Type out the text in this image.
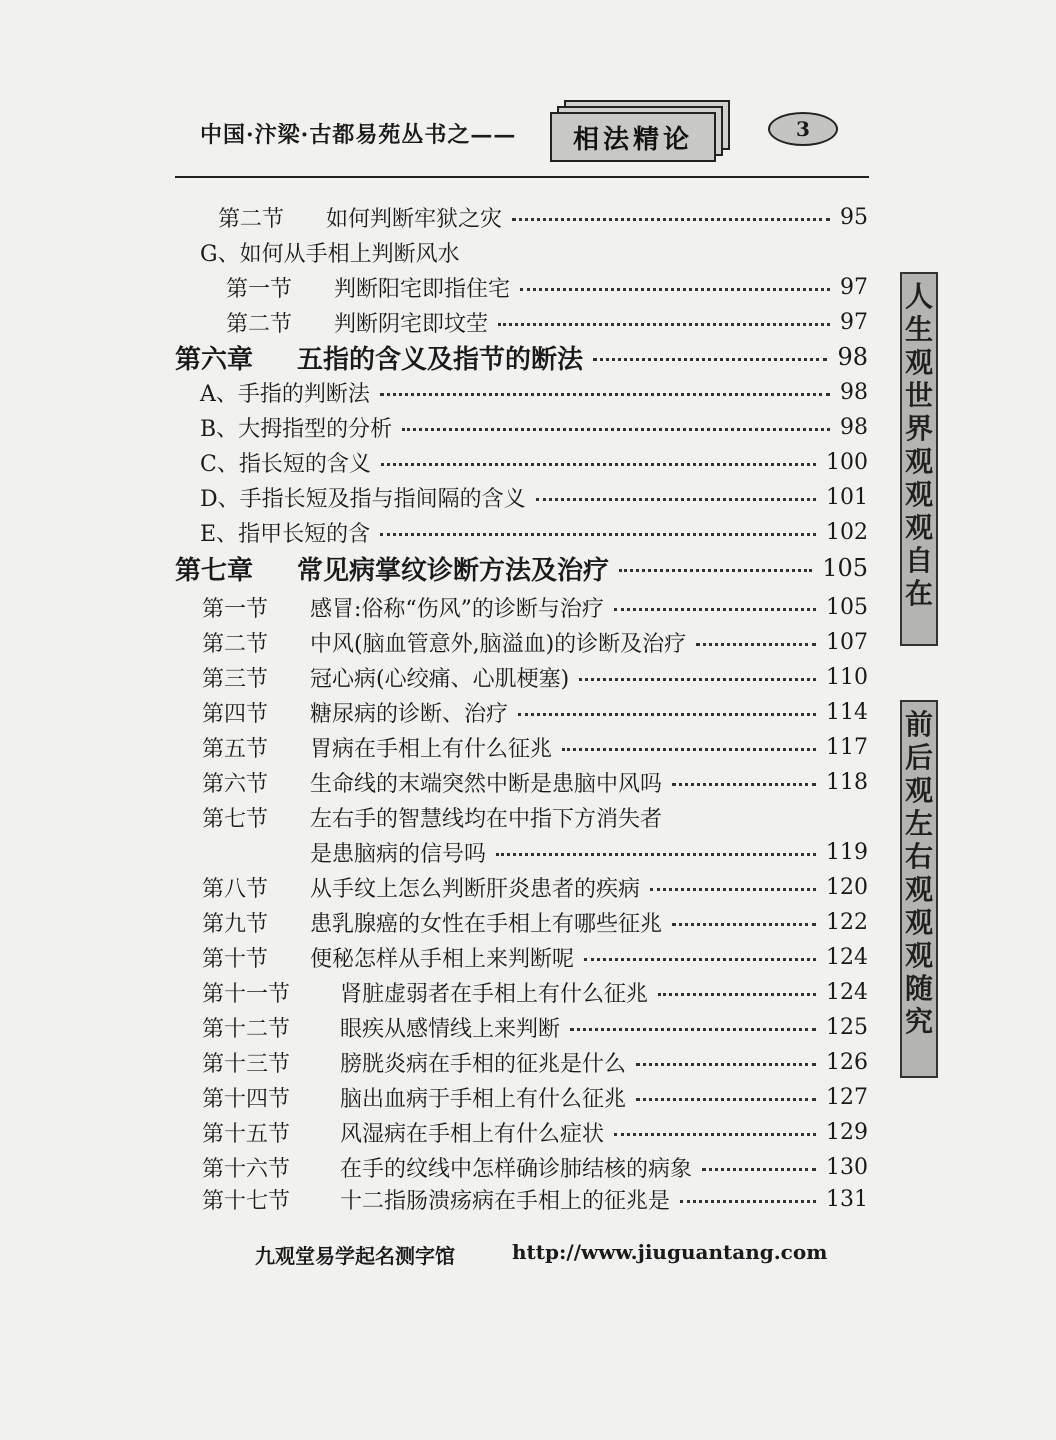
中国·汴梁·古都易苑丛书之——	相法精论	3
第二节	如何判断牢狱之灾	95
G、 如何从手相上判断风水
第一节	判断阳宅即指住宅	97
第二节	判断阴宅即坟茔	97
第六章	五指的含义及指节的断法	98
A、 手指的判断法	98
B、 大拇指型的分析	98
C、 指长短的含义	100
D、 手指长短及指与指间隔的含义	101
E、 指甲长短的含	102
第七章	常见病掌纹诊断方法及治疗	105
第一节	感冒:俗称“伤风”的诊断与治疗	105
第二节	中风(脑血管意外,脑溢血)的诊断及治疗	107
第三节	冠心病(心绞痛、心肌梗塞)	110
第四节	糖尿病的诊断、治疗	114
第五节	胃病在手相上有什么征兆	117
第六节	生命线的末端突然中断是患脑中风吗	118
第七节	左右手的智慧线均在中指下方消失者
是患脑病的信号吗	119
第八节	从手纹上怎么判断肝炎患者的疾病	120
第九节	患乳腺癌的女性在手相上有哪些征兆	122
第十节	便秘怎样从手相上来判断呢	124
第十一节	肾脏虚弱者在手相上有什么征兆	124
第十二节	眼疾从感情线上来判断	125
第十三节	膀胱炎病在手相的征兆是什么	126
第十四节	脑出血病于手相上有什么征兆	127
第十五节	风湿病在手相上有什么症状	129
第十六节	在手的纹线中怎样确诊肺结核的病象	130
第十七节	十二指肠溃疡病在手相上的征兆是	131
人
生
观
世
界
观
观
观
自
在
前
后
观
左
右
观
观
观
随
究
九观堂易学起名测字馆	http://www.jiuguantang.com
